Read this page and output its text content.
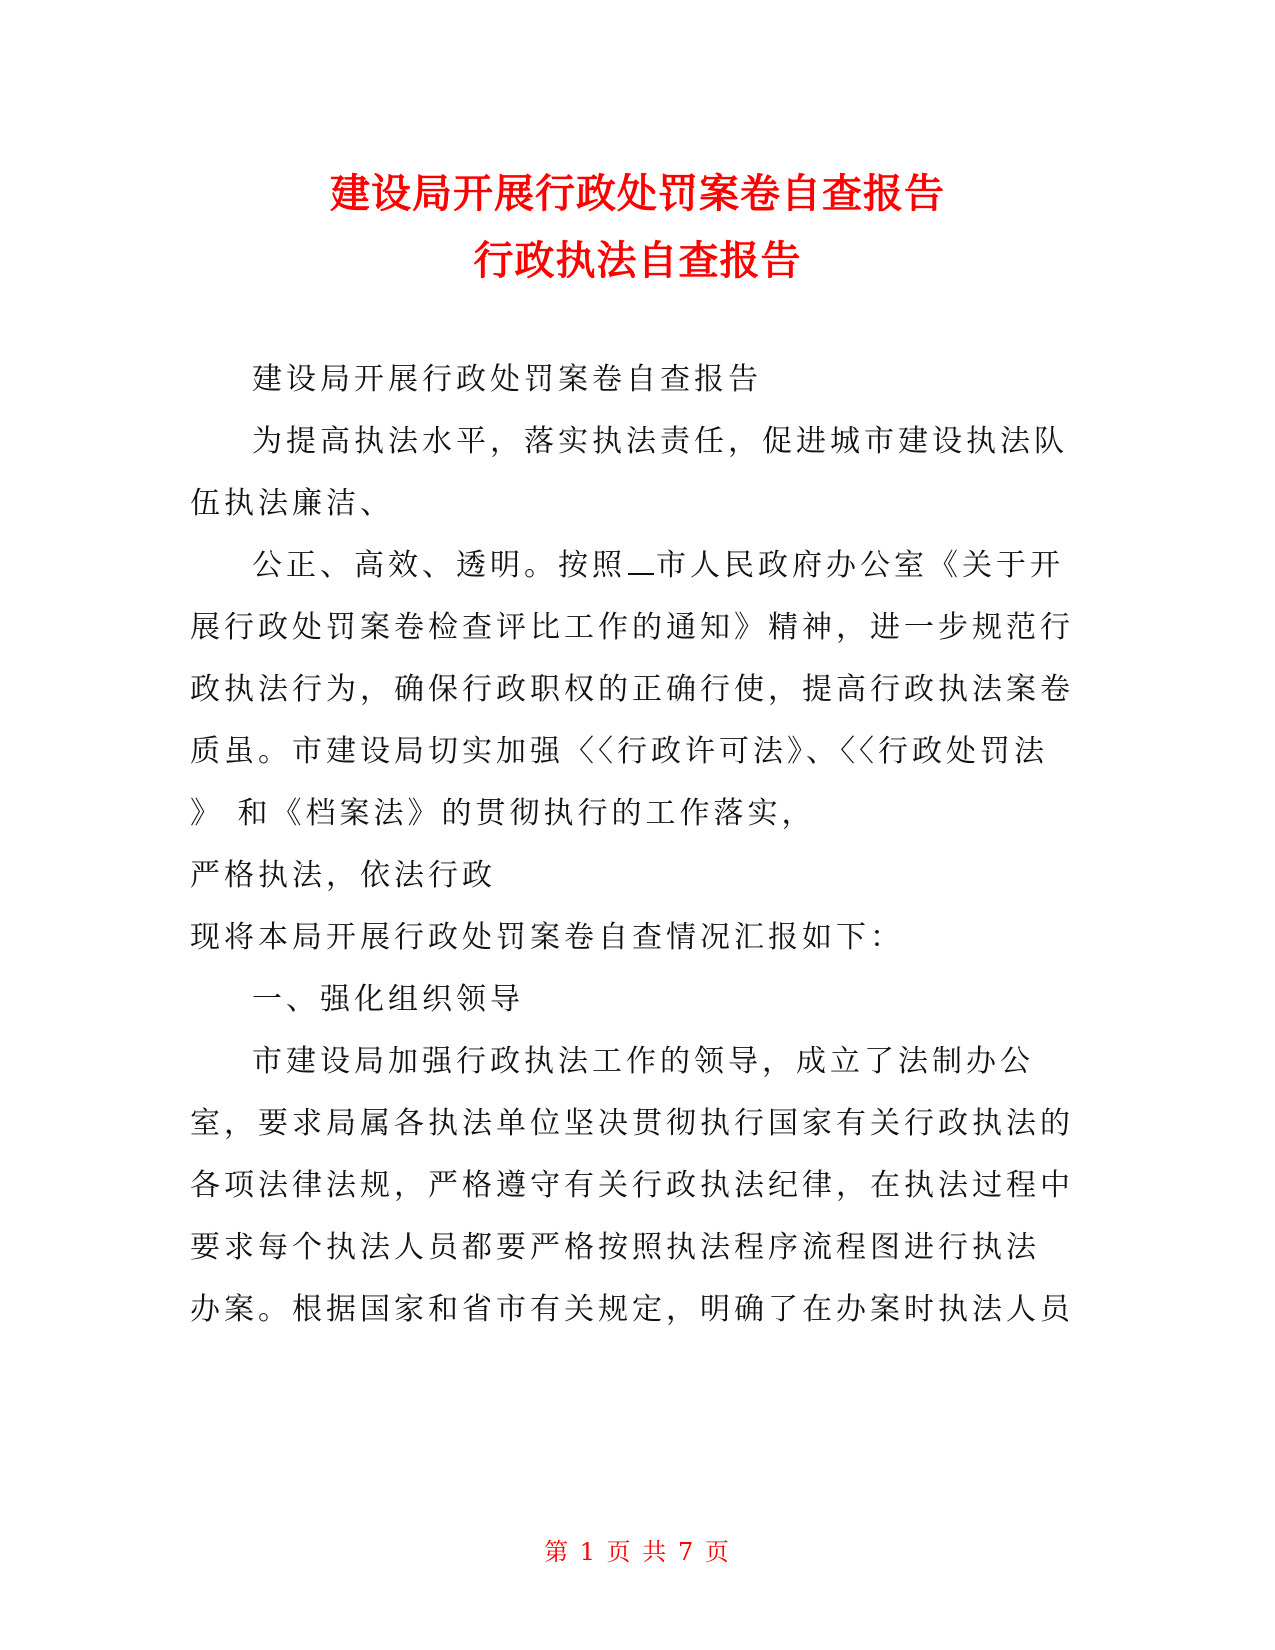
建设局开展行政处罚案卷自查报告
行政执法自查报告
建设局开展行政处罚案卷自查报告
为提高执法水平，落实执法责任，促进城市建设执法队
伍执法廉洁、
公正、高效、透明。按照 市人民政府办公室《关于开
展行政处罚案卷检查评比工作的通知》精神，进一步规范行
政执法行为，确保行政职权的正确行使，提高行政执法案卷
质虽。市建设局切实加强〈〈行政许可法》、〈〈行政处罚法
》 和《档案法》的贯彻执行的工作落实，
严格执法，依法行政
现将本局开展行政处罚案卷自查情况汇报如下：
一、强化组织领导
市建设局加强行政执法工作的领导，成立了法制办公
室，要求局属各执法单位坚决贯彻执行国家有关行政执法的
各项法律法规，严格遵守有关行政执法纪律，在执法过程中
要求每个执法人员都要严格按照执法程序流程图进行执法
办案。根据国家和省市有关规定，明确了在办案时执法人员
第 1 页 共 7 页
